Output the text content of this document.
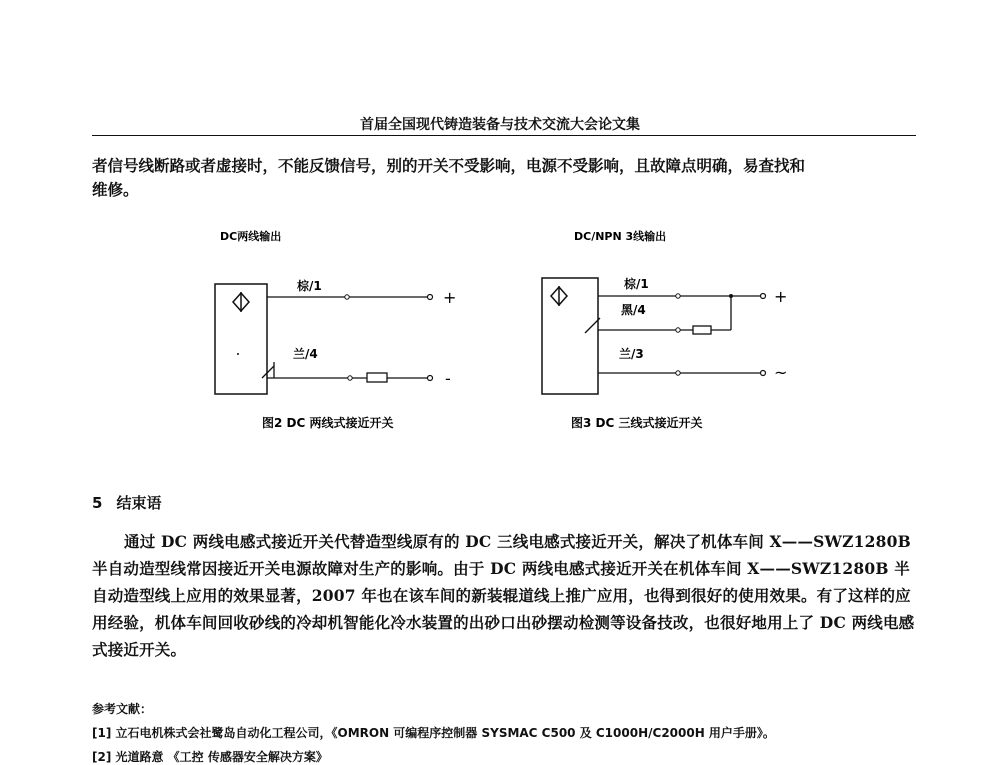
首届全国现代铸造装备与技术交流大会论文集

者信号线断路或者虚接时，不能反馈信号，别的开关不受影响，电源不受影响，且故障点明确，易查找和
维修。

DC两线输出
棕/1
+
兰/4
-
图2 DC 两线式接近开关
DC/NPN 3线输出
棕/1
+
黑/4
兰/3
~
图3 DC 三线式接近开关
5 结束语

通过 DC 两线电感式接近开关代替造型线原有的 DC 三线电感式接近开关，解决了机体车间 X——SWZ1280B 半自动造型线常因接近开关电源故障对生产的影响。由于 DC 两线电感式接近开关在机体车间 X——SWZ1280B 半自动造型线上应用的效果显著，2007 年也在该车间的新装辊道线上推广应用，也得到很好的使用效果。有了这样的应用经验，机体车间回收砂线的冷却机智能化冷水装置的出砂口出砂摆动检测等设备技改，也很好地用上了 DC 两线电感式接近开关。

参考文献：
[1] 立石电机株式会社鹭岛自动化工程公司，《OMRON 可编程序控制器 SYSMAC C500 及 C1000H/C2000H 用户手册》。
[2] 光道路意 《工控 传感器安全解决方案》
